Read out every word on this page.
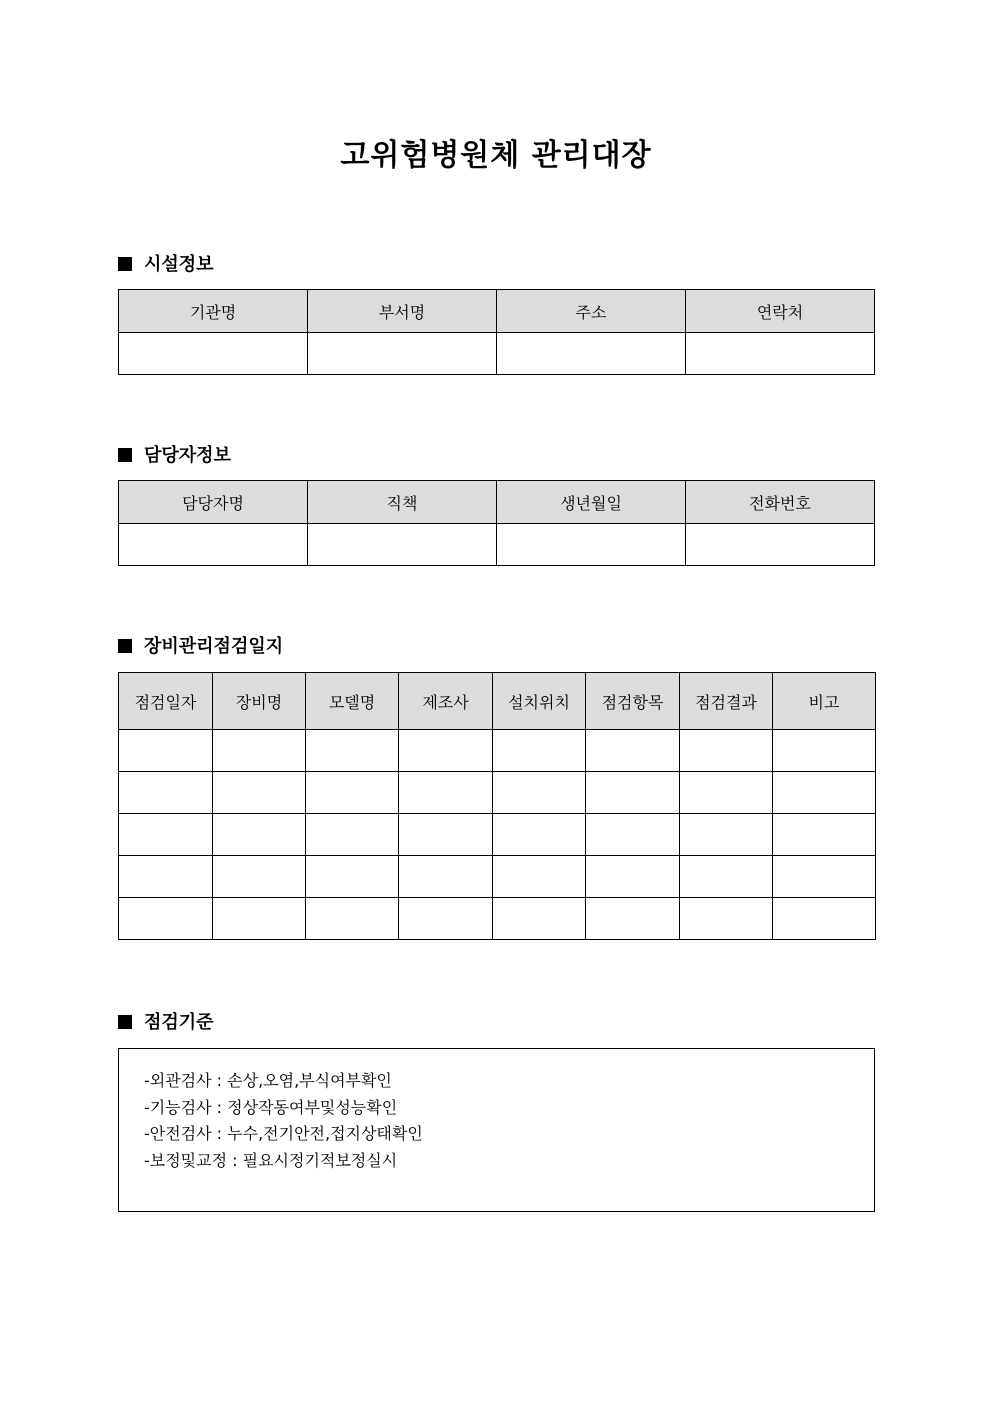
고위험병원체 관리대장
시설정보
기관명	부서명	주소	연락처

담당자정보
담당자명	직책	생년월일	전화번호

장비관리점검일지
점검일자	장비명	모델명	제조사	설치위치	점검항목	점검결과	비고

점검기준
-외관검사 : 손상,오염,부식여부확인
-기능검사 : 정상작동여부및성능확인
-안전검사 : 누수,전기안전,접지상태확인
-보정및교정 : 필요시정기적보정실시
